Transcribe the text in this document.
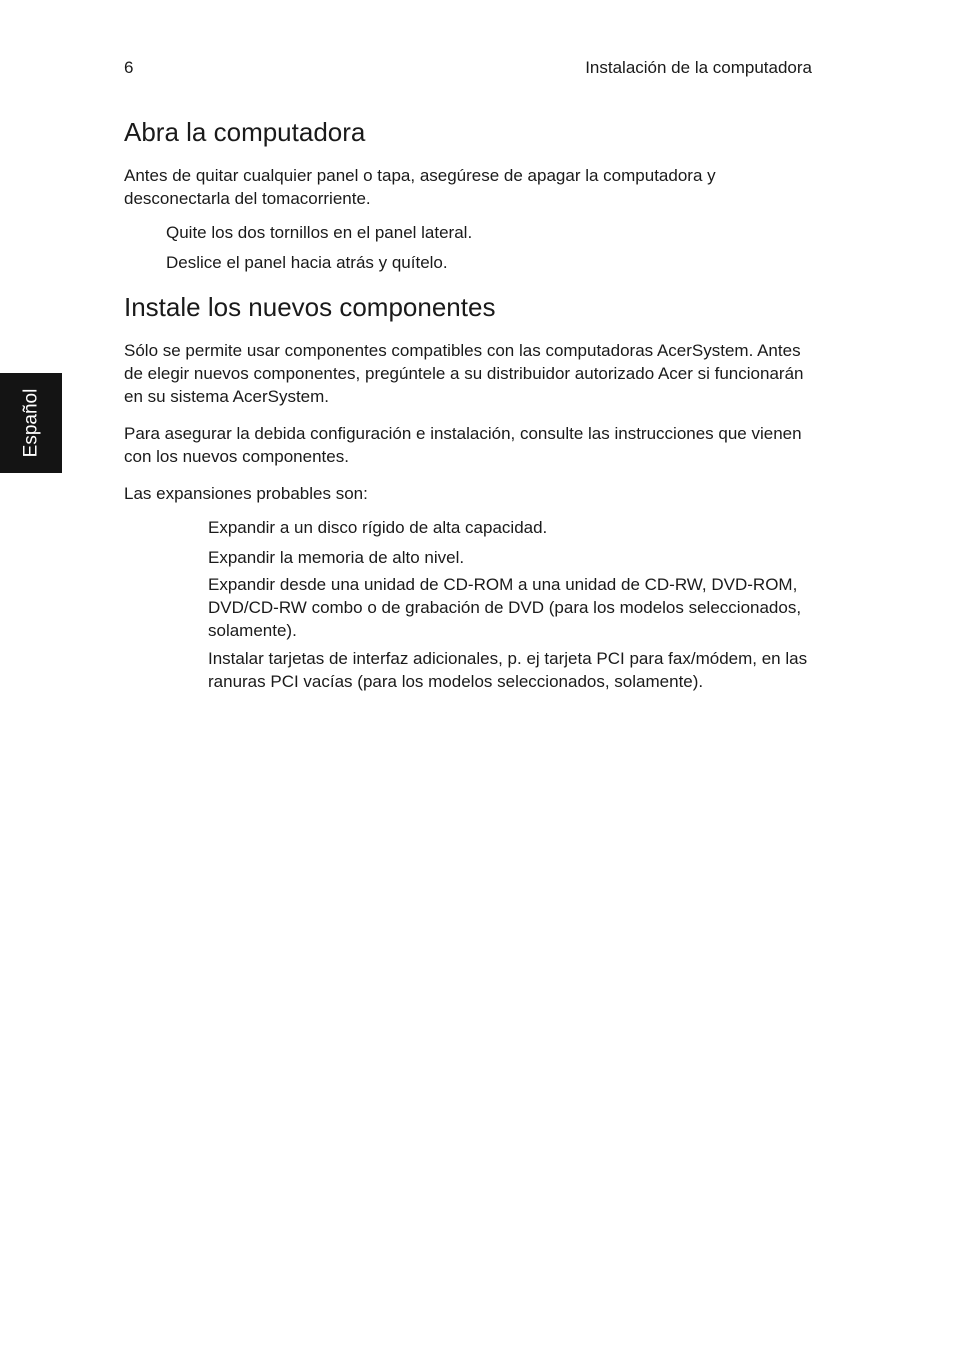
6	Instalación de la computadora
Español
Abra la computadora

Antes de quitar cualquier panel o tapa, asegúrese de apagar la computadora y desconectarla del tomacorriente.

Quite los dos tornillos en el panel lateral.

Deslice el panel hacia atrás y quítelo.

Instale los nuevos componentes

Sólo se permite usar componentes compatibles con las computadoras AcerSystem. Antes de elegir nuevos componentes, pregúntele a su distribuidor autorizado Acer si funcionarán en su sistema AcerSystem.

Para asegurar la debida configuración e instalación, consulte las instrucciones que vienen con los nuevos componentes.

Las expansiones probables son:

Expandir a un disco rígido de alta capacidad.

Expandir la memoria de alto nivel.

Expandir desde una unidad de CD-ROM a una unidad de CD-RW, DVD-ROM, DVD/CD-RW combo o de grabación de DVD (para los modelos seleccionados, solamente).

Instalar tarjetas de interfaz adicionales, p. ej tarjeta PCI para fax/módem, en las ranuras PCI vacías (para los modelos seleccionados, solamente).
